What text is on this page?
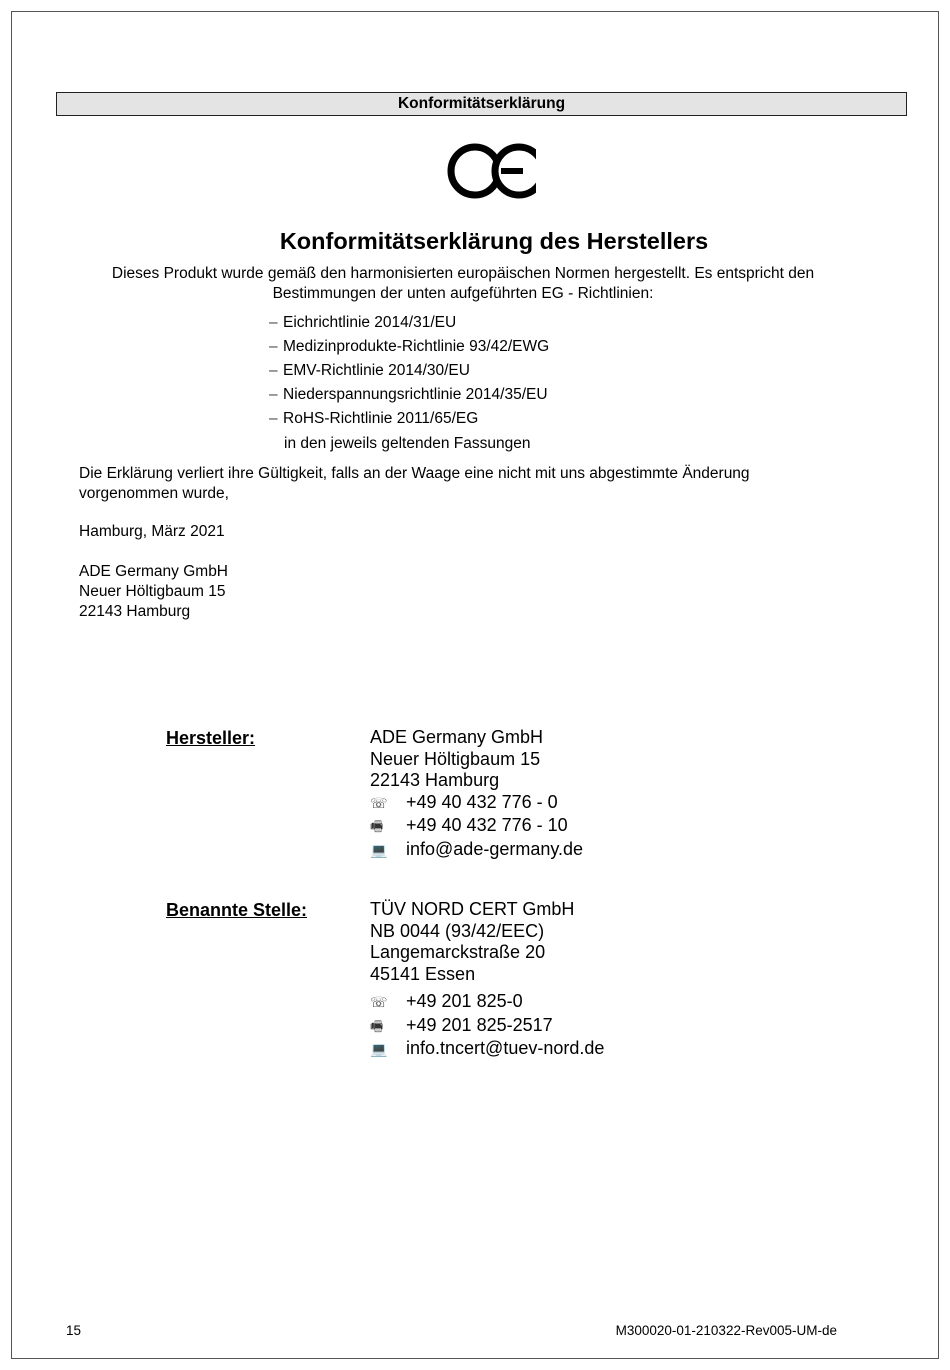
Konformitätserklärung
Konformitätserklärung des Herstellers
Dieses Produkt wurde gemäß den harmonisierten europäischen Normen hergestellt. Es entspricht den
Bestimmungen der unten aufgeführten EG - Richtlinien:
– Eichrichtlinie 2014/31/EU
– Medizinprodukte-Richtlinie 93/42/EWG
– EMV-Richtlinie 2014/30/EU
– Niederspannungsrichtlinie 2014/35/EU
– RoHS-Richtlinie 2011/65/EG
in den jeweils geltenden Fassungen
Die Erklärung verliert ihre Gültigkeit, falls an der Waage eine nicht mit uns abgestimmte Änderung
vorgenommen wurde,
Hamburg, März 2021
ADE Germany GmbH
Neuer Höltigbaum 15
22143 Hamburg
Hersteller:	ADE Germany GmbH
Neuer Höltigbaum 15
22143 Hamburg
☏ +49 40 432 776 - 0
🖷 +49 40 432 776 - 10
💻 info@ade-germany.de
Benannte Stelle:	TÜV NORD CERT GmbH
NB 0044 (93/42/EEC)
Langemarckstraße 20
45141 Essen
☏ +49 201 825-0
🖷 +49 201 825-2517
💻 info.tncert@tuev-nord.de
15	M300020-01-210322-Rev005-UM-de
